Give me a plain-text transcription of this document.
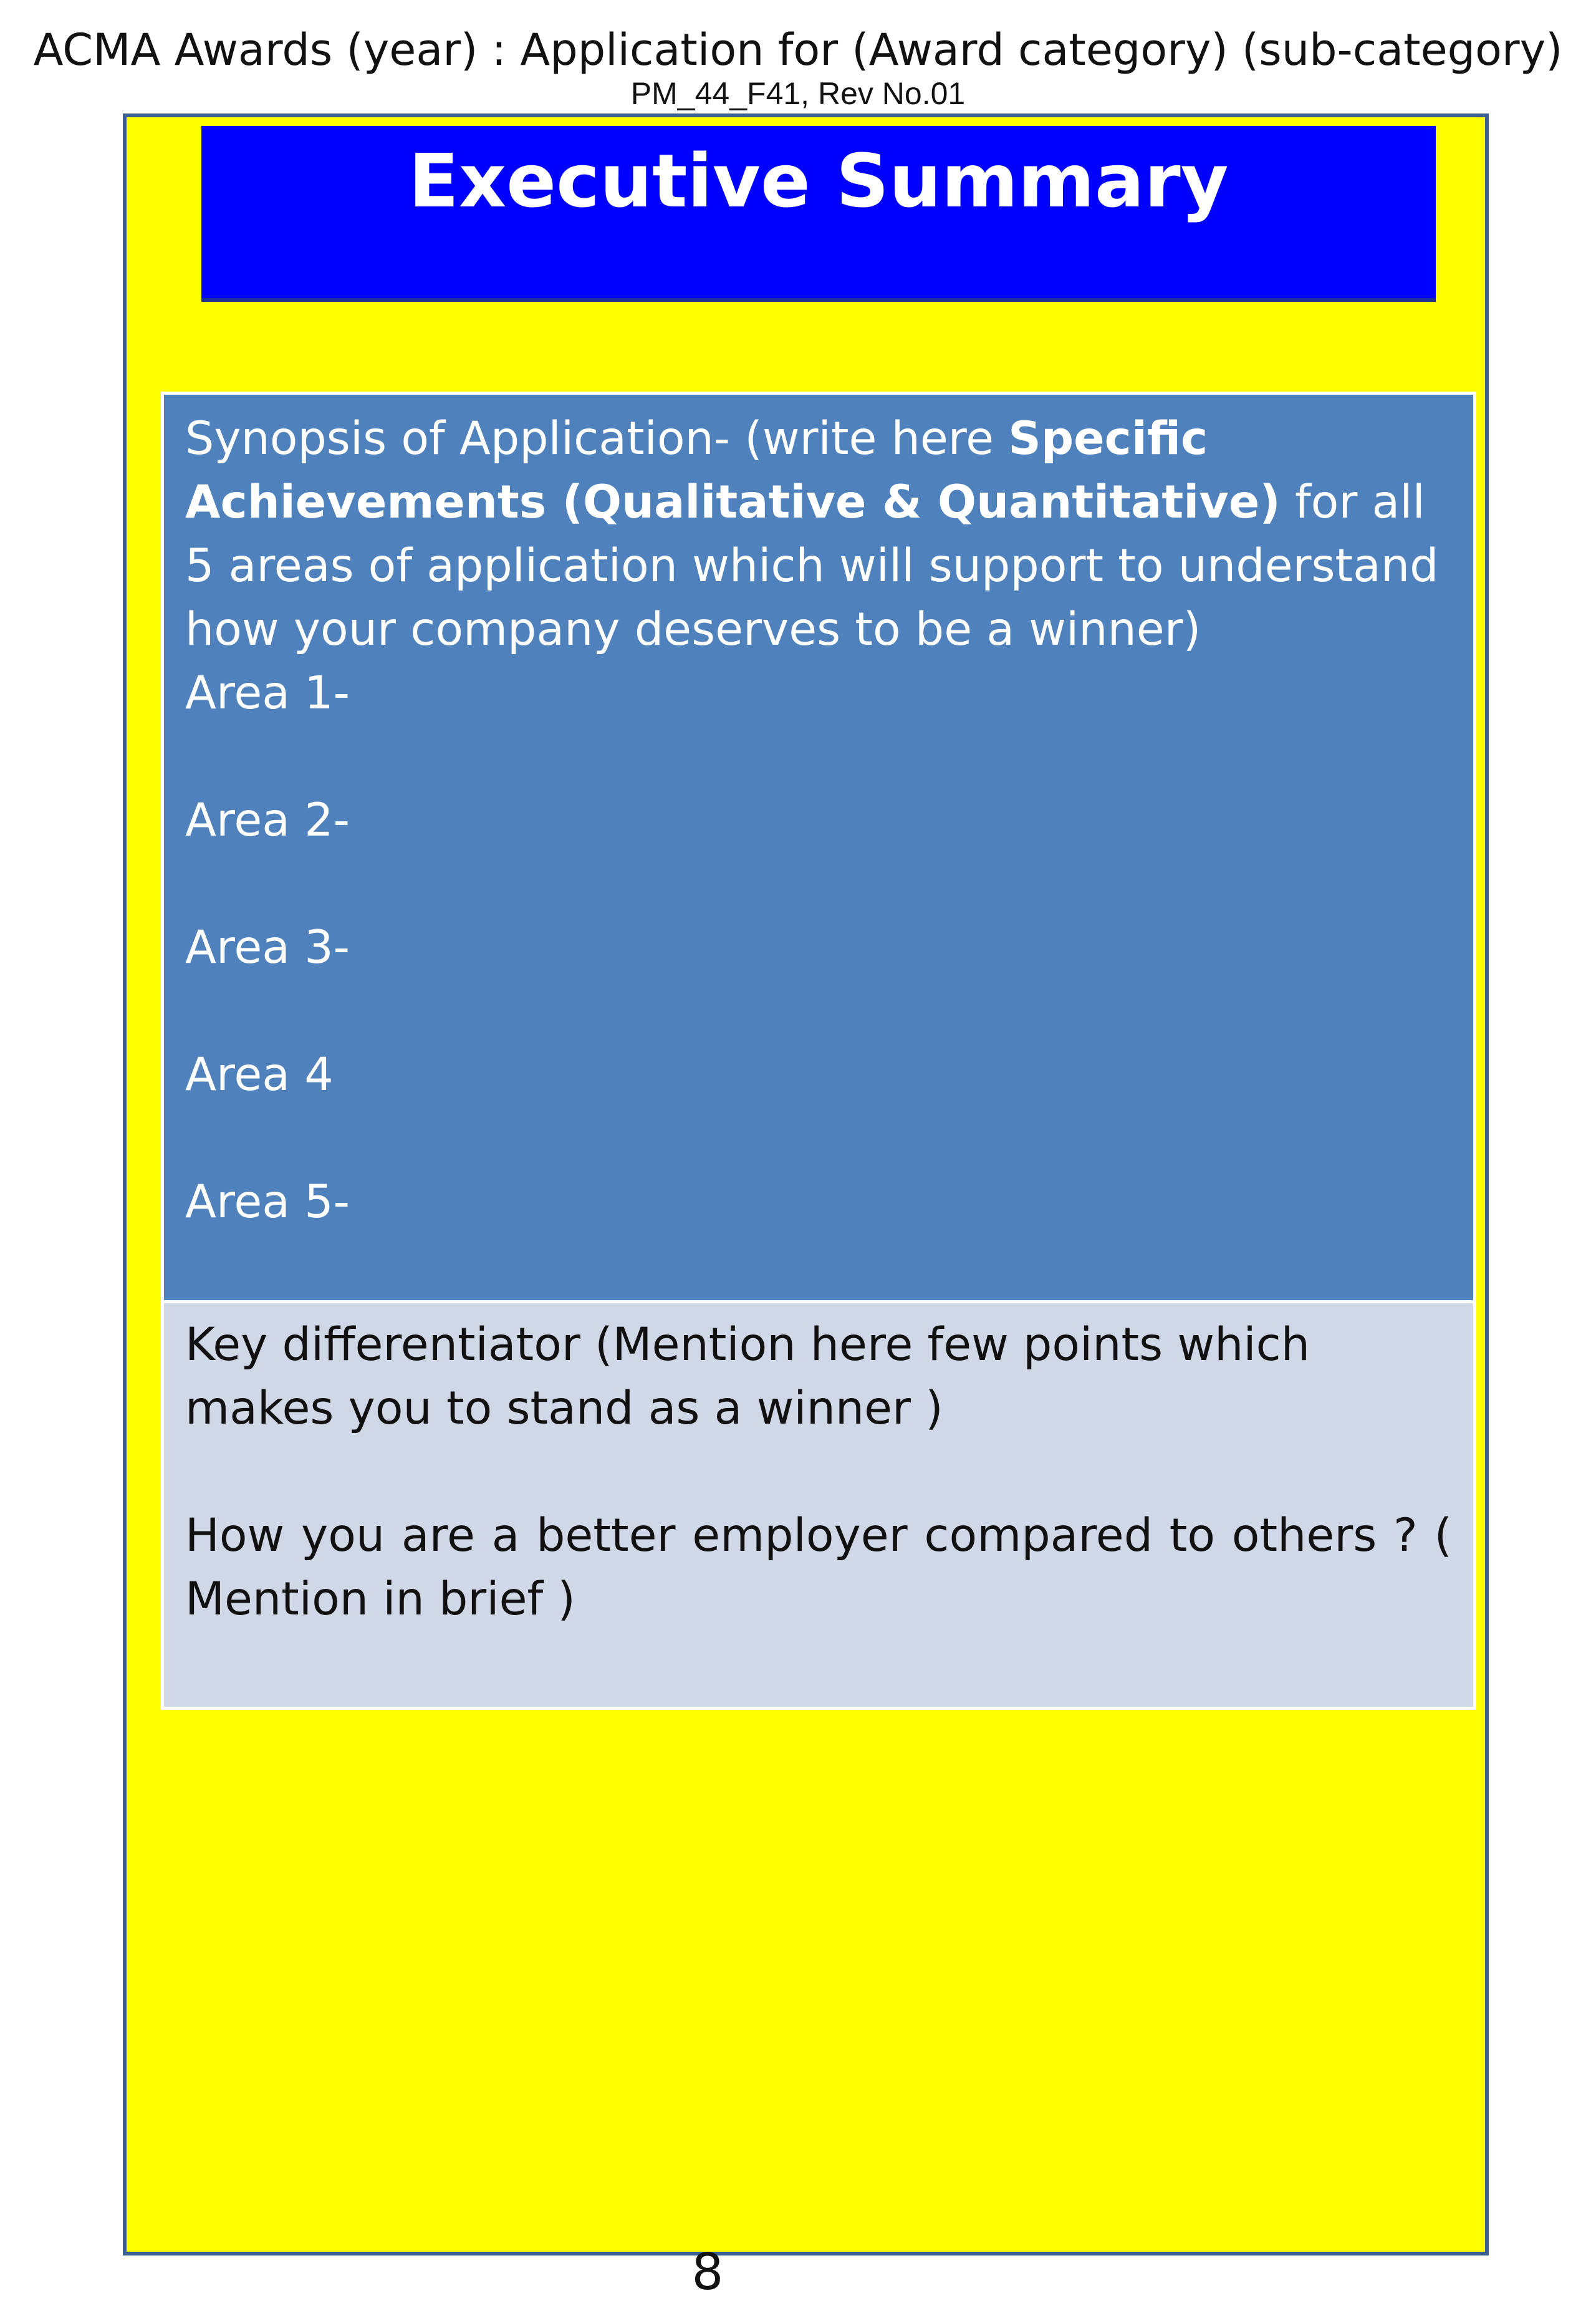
ACMA Awards (year) : Application for (Award category) (sub-category)
PM_44_F41, Rev No.01
Executive Summary

Synopsis of Application- (write here Specific Achievements (Qualitative & Quantitative) for all 5 areas of application which will support to understand how your company deserves to be a winner)

Area 1-
Area 2-
Area 3-
Area 4
Area 5-

Key differentiator (Mention here few points which makes you to stand as a winner )

How you are a better employer compared to others ? ( Mention in brief )

8
